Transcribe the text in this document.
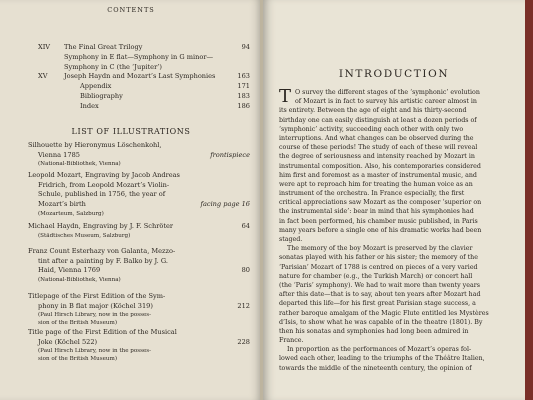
CONTENTS
XIV	The Final Great Trilogy	94
Symphony in E flat—Symphony in G minor—
Symphony in C (the ‘Jupiter’)
XV	Joseph Haydn and Mozart’s Last Symphonies	163
Appendix	171
Bibliography	183
Index	186
LIST OF ILLUSTRATIONS
Silhouette by Hieronymus Löschenkohl,
Vienna 1785	frontispiece
(National-Bibliothek, Vienna)
Leopold Mozart, Engraving by Jacob Andreas
Fridrich, from Leopold Mozart’s Violin-
Schule, published in 1756, the year of
Mozart’s birth	facing page 16
(Mozarteum, Salzburg)
Michael Haydn, Engraving by J. F. Schröter	64
(Städtisches Museum, Salzburg)
Franz Count Esterhazy von Galanta, Mezzo-
tint after a painting by F. Balko by J. G.
Haid, Vienna 1769	80
(National-Bibliothek, Vienna)
Titlepage of the First Edition of the Sym-
phony in B flat major (Köchel 319)	212
(Paul Hirsch Library, now in the posses-
sion of the British Museum)
Title page of the First Edition of the Musical
Joke (Köchel 522)	228
(Paul Hirsch Library, now in the posses-
sion of the British Museum)
INTRODUCTION
T O survey the different stages of the ‘symphonic’ evolution
of Mozart is in fact to survey his artistic career almost in
its entirety. Between the age of eight and his thirty-second
birthday one can easily distinguish at least a dozen periods of
‘symphonic’ activity, succeeding each other with only two
interruptions. And what changes can be observed during the
course of these periods! The study of each of these will reveal
the degree of seriousness and intensity reached by Mozart in
instrumental composition. Also, his contemporaries considered
him first and foremost as a master of instrumental music, and
were apt to reproach him for treating the human voice as an
instrument of the orchestra. In France especially, the first
critical appreciations saw Mozart as the composer ‘superior on
the instrumental side’: bear in mind that his symphonies had
in fact been performed, his chamber music published, in Paris
many years before a single one of his dramatic works had been
staged.
The memory of the boy Mozart is preserved by the clavier
sonatas played with his father or his sister; the memory of the
‘Parisian’ Mozart of 1788 is centred on pieces of a very varied
nature for chamber (e.g., the Turkish March) or concert hall
(the ‘Paris’ symphony). We had to wait more than twenty years
after this date—that is to say, about ten years after Mozart had
departed this life—for his first great Parisian stage success, a
rather baroque amalgam of the Magic Flute entitled les Mystères
d’Isis, to show what he was capable of in the theatre (1801). By
then his sonatas and symphonies had long been admired in
France.
In proportion as the performances of Mozart’s operas fol-
lowed each other, leading to the triumphs of the Théâtre Italien,
towards the middle of the nineteenth century, the opinion of
